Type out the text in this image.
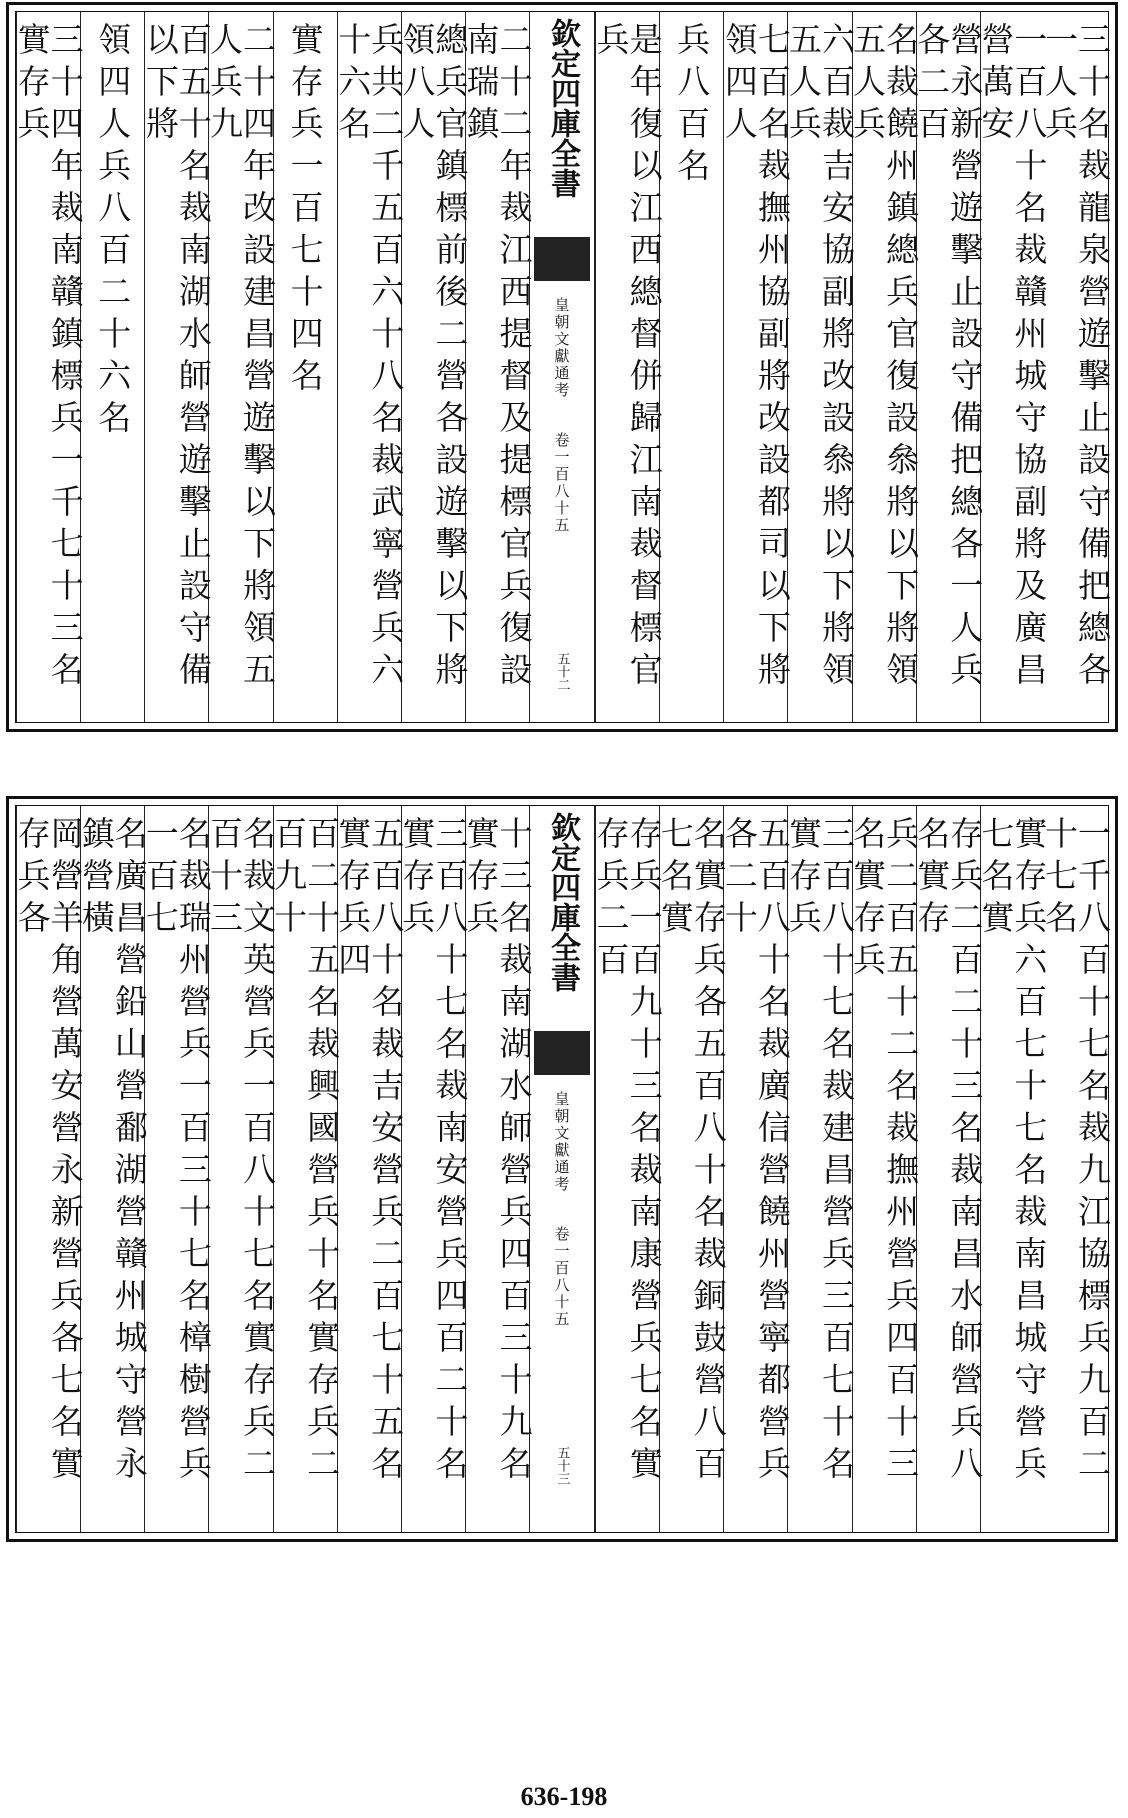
三十名裁龍泉營遊擊止設守備把總各一人兵
一百八十名裁贛州城守協副將及廣昌營萬安
營永新營遊擊止設守備把總各一人兵各二百
名裁饒州鎮總兵官復設叅將以下將領五人兵
六百裁吉安協副將改設叅將以下將領五人兵
七百名裁撫州協副將改設都司以下將領四人
兵八百名
是年復以江西總督併歸江南裁督標官兵
二十二年裁江西提督及提標官兵復設南瑞鎮
總兵官鎮標前後二營各設遊擊以下將領八人
兵共二千五百六十八名裁武寧營兵六十六名
實存兵一百七十四名
二十四年改設建昌營遊擊以下將領五人兵九
百五十名裁南湖水師營遊擊止設守備以下將
領四人兵八百二十六名
三十四年裁南贛鎮標兵一千七十三名實存兵	欽定四庫全書
皇朝文獻通考
卷一百八十五
五十二
一千八百十七名裁九江協標兵九百二十七名
實存兵六百七十七名裁南昌城守營兵七名實
存兵二百二十三名裁南昌水師營兵八名實存
兵二百五十二名裁撫州營兵四百十三名實存兵
三百八十七名裁建昌營兵三百七十名實存兵
五百八十名裁廣信營饒州營寧都營兵各二十
名實存兵各五百八十名裁銅鼓營八百七名實
存兵一百九十三名裁南康營兵七名實存兵二百
十三名裁南湖水師營兵四百三十九名實存兵
三百八十七名裁南安營兵四百二十名實存兵
五百八十名裁吉安營兵二百七十五名實存兵四
百二十五名裁興國營兵十名實存兵二百九十
名裁文英營兵一百八十七名實存兵二百十三
名裁瑞州營兵一百三十七名樟樹營兵一百七
名廣昌營鉛山營鄱湖營贛州城守營永鎮營橫
岡營羊角營萬安營永新營兵各七名實存兵各	欽定四庫全書
皇朝文獻通考
卷一百八十五
五十三
636-198
